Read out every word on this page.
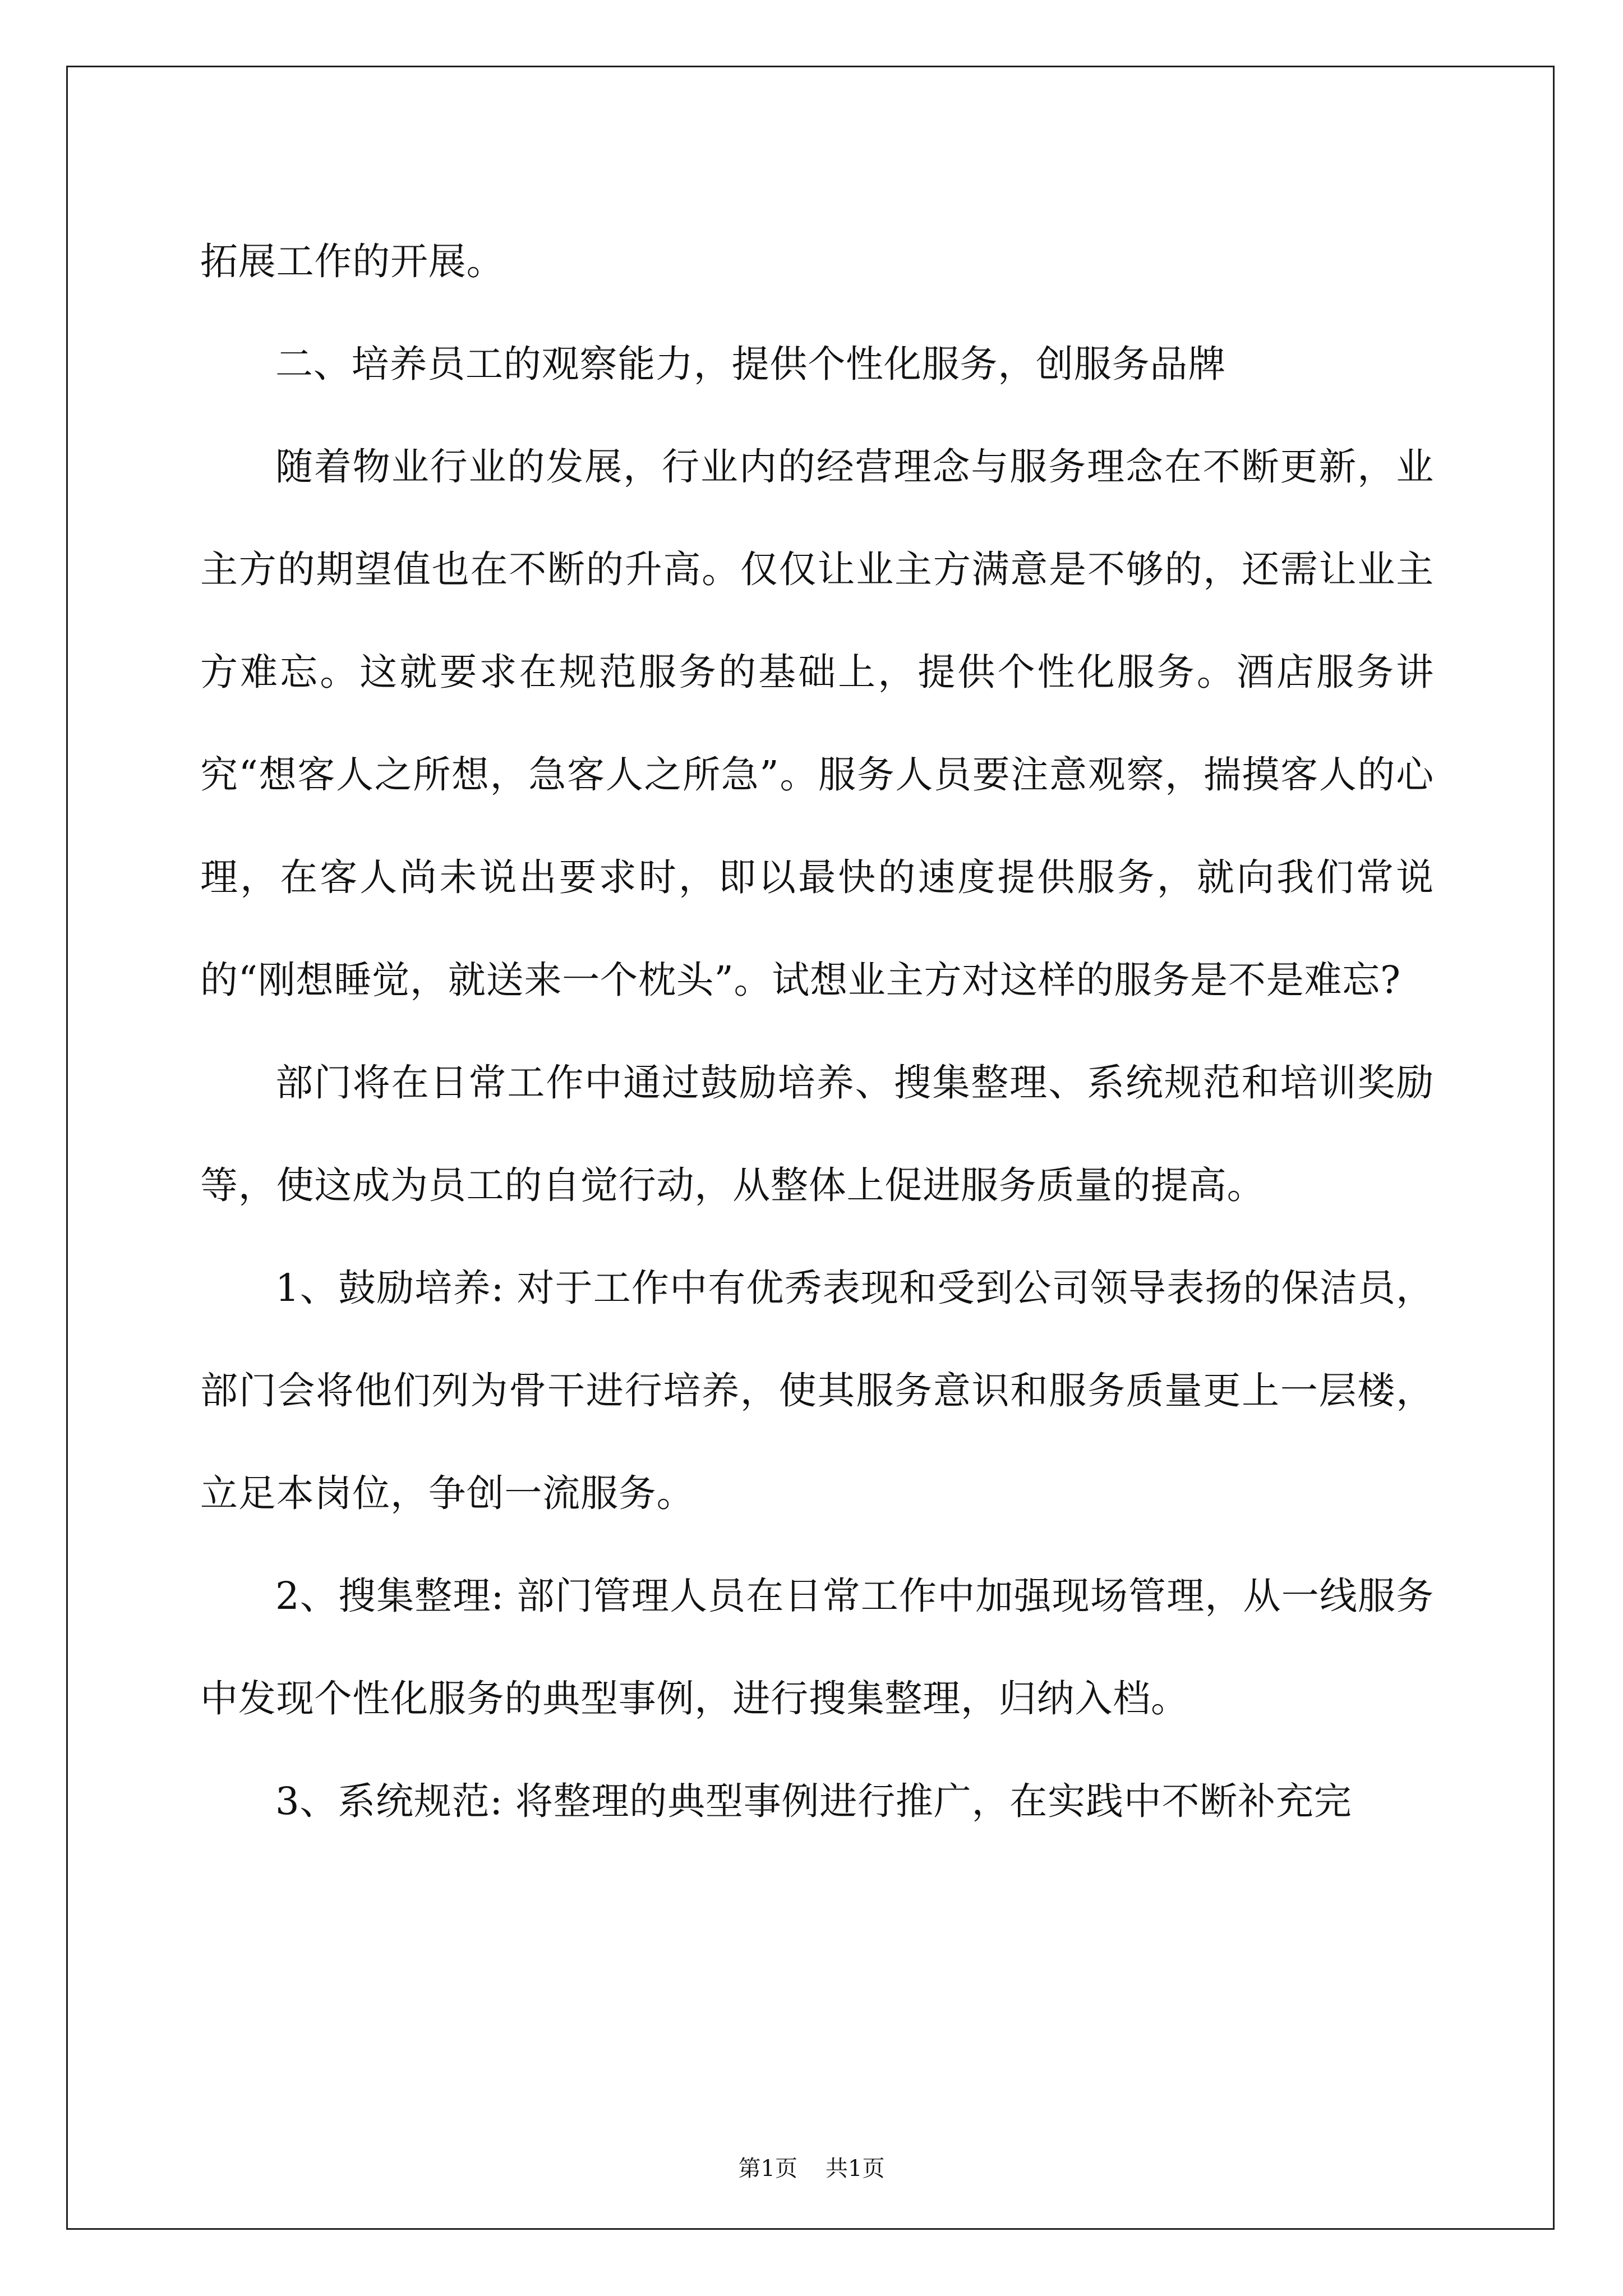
拓展工作的开展。

二、培养员工的观察能力，提供个性化服务，创服务品牌

随着物业行业的发展，行业内的经营理念与服务理念在不断更新，业主方的期望值也在不断的升高。仅仅让业主方满意是不够的，还需让业主方难忘。这就要求在规范服务的基础上，提供个性化服务。酒店服务讲究“想客人之所想，急客人之所急”。服务人员要注意观察，揣摸客人的心理，在客人尚未说出要求时，即以最快的速度提供服务，就向我们常说的“刚想睡觉，就送来一个枕头”。试想业主方对这样的服务是不是难忘?

部门将在日常工作中通过鼓励培养、搜集整理、系统规范和培训奖励等，使这成为员工的自觉行动，从整体上促进服务质量的提高。

1、鼓励培养: 对于工作中有优秀表现和受到公司领导表扬的保洁员，部门会将他们列为骨干进行培养，使其服务意识和服务质量更上一层楼，立足本岗位，争创一流服务。

2、搜集整理: 部门管理人员在日常工作中加强现场管理，从一线服务中发现个性化服务的典型事例，进行搜集整理，归纳入档。

3、系统规范: 将整理的典型事例进行推广，在实践中不断补充完

第1页 共1页
